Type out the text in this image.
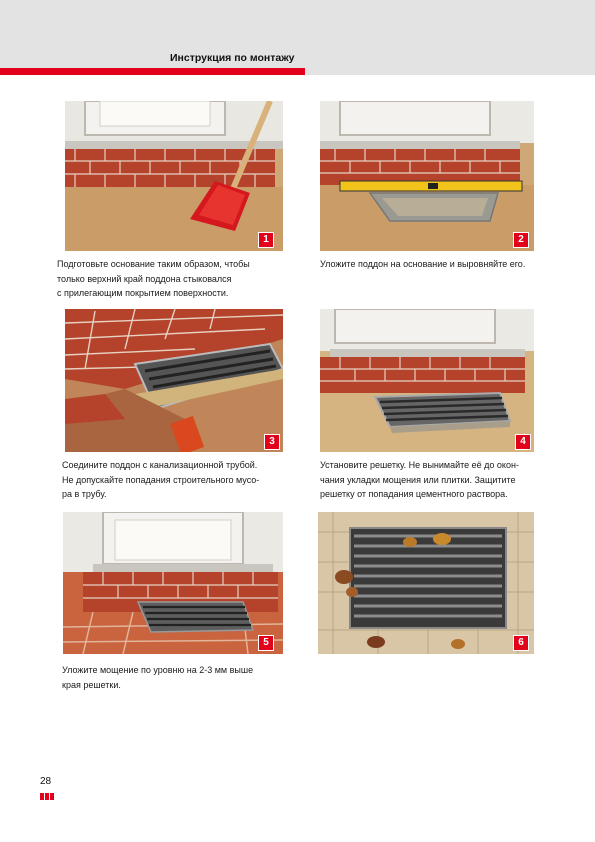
Инструкция по монтажу
1
Подготовьте основание таким образом, чтобы
только верхний край поддона стыковался
с прилегающим покрытием поверхности.
2
Уложите поддон на основание и выровняйте его.
3
Соедините поддон с канализационной трубой.
Не допускайте попадания строительного мусо-
ра в трубу.
4
Установите решетку. Не вынимайте её до окон-
чания укладки мощения или плитки. Защитите
решетку от попадания цементного раствора.
5
Уложите мощение по уровню на 2-3 мм выше
края решетки.
6
28
